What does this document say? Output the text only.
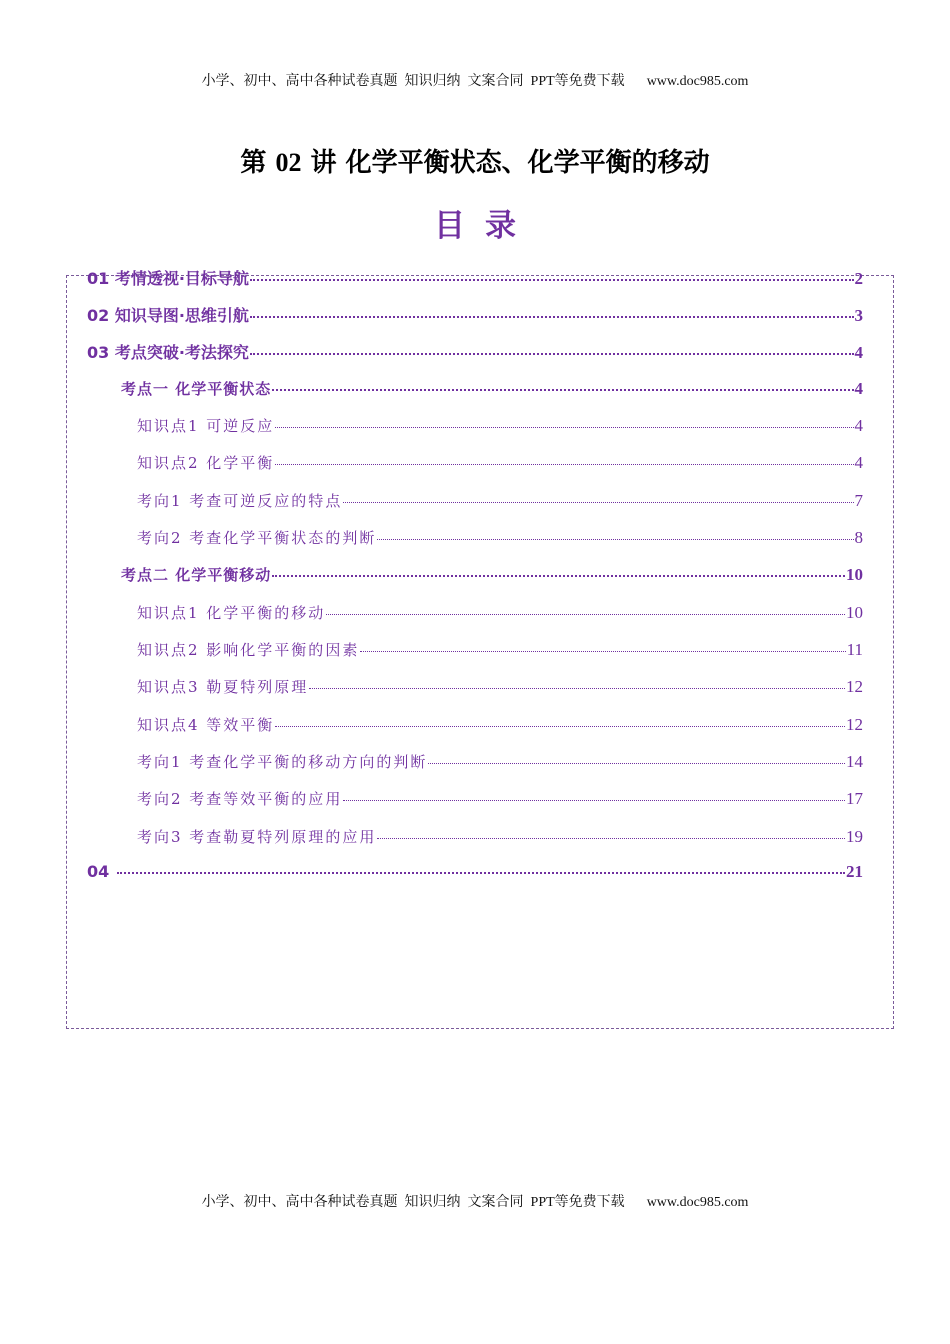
小学、初中、高中各种试卷真题  知识归纳  文案合同  PPT等免费下载 www.doc985.com
第 02 讲 化学平衡状态、化学平衡的移动
目录
01 考情透视·目标导航	2
02 知识导图·思维引航	3
03 考点突破·考法探究	4
考点一 化学平衡状态	4
知识点1 可逆反应	4
知识点2 化学平衡	4
考向1 考查可逆反应的特点	7
考向2 考查化学平衡状态的判断	8
考点二 化学平衡移动	10
知识点1 化学平衡的移动	10
知识点2 影响化学平衡的因素	11
知识点3 勒夏特列原理	12
知识点4 等效平衡	12
考向1 考查化学平衡的移动方向的判断	14
考向2 考查等效平衡的应用	17
考向3 考查勒夏特列原理的应用	19
04	21
小学、初中、高中各种试卷真题  知识归纳  文案合同  PPT等免费下载 www.doc985.com
